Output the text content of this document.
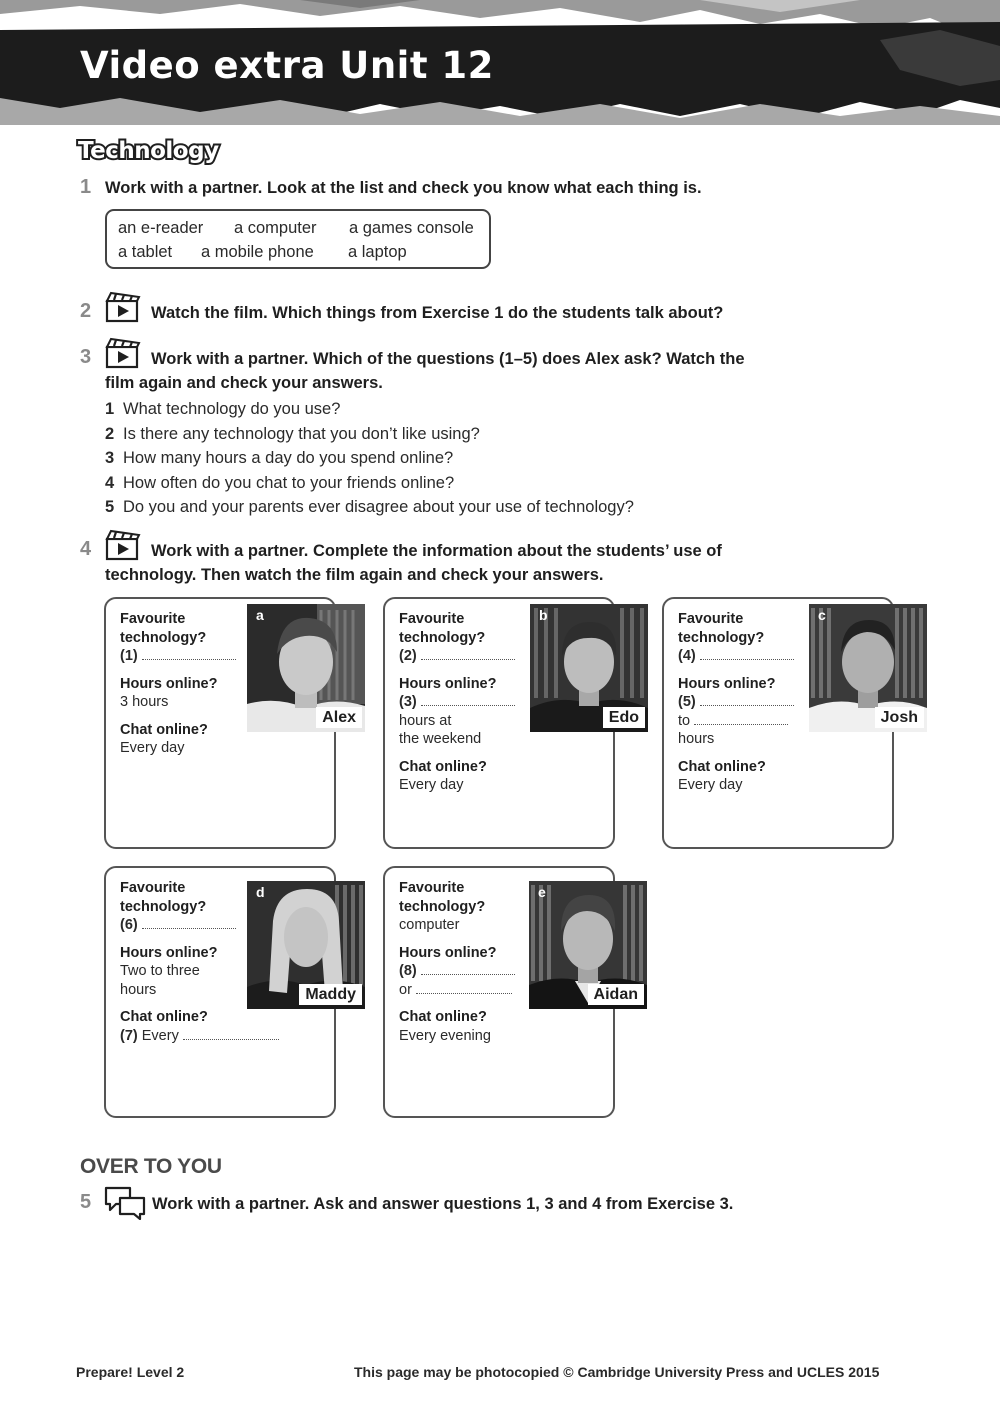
Video extra Unit 12
Technology
1 Work with a partner. Look at the list and check you know what each thing is.
an e-reader a computer a games console
a tablet a mobile phone a laptop
2	Watch the film. Which things from Exercise 1 do the students talk about?
3	Work with a partner. Which of the questions (1–5) does Alex ask? Watch the
film again and check your answers.
1 What technology do you use?
2 Is there any technology that you don’t like using?
3 How many hours a day do you spend online?
4 How often do you chat to your friends online?
5 Do you and your parents ever disagree about your use of technology?
4	Work with a partner. Complete the information about the students’ use of
technology. Then watch the film again and check your answers.
Favourite
technology?
(1)
Hours online?
3 hours
Chat online?
Every day
a
Alex
Favourite
technology?
(2)
Hours online?
(3)
hours at
the weekend
Chat online?
Every day
b
Edo
Favourite
technology?
(4)
Hours online?
(5)
to
hours
Chat online?
Every day
c
Josh
Favourite
technology?
(6)
Hours online?
Two to three
hours
Chat online?
(7) Every
d
Maddy
Favourite
technology?
computer
Hours online?
(8)
or
Chat online?
Every evening
e
Aidan
OVER TO YOU
5	Work with a partner. Ask and answer questions 1, 3 and 4 from Exercise 3.
Prepare! Level 2	This page may be photocopied © Cambridge University Press and UCLES 2015
